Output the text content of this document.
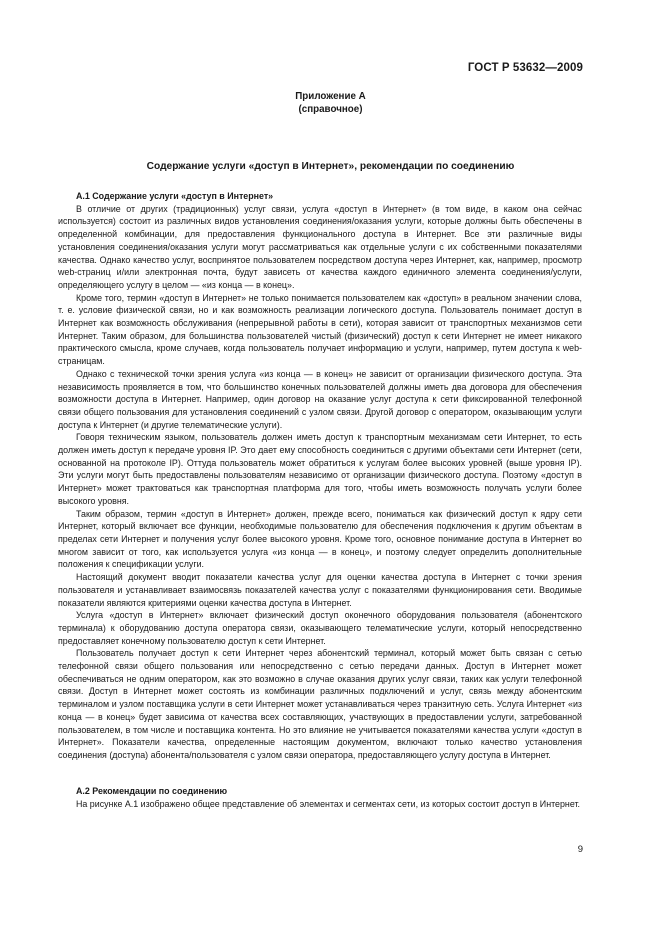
ГОСТ Р 53632—2009
Приложение А
(справочное)
Содержание услуги «доступ в Интернет», рекомендации по соединению
А.1 Содержание услуги «доступ в Интернет»

В отличие от других (традиционных) услуг связи, услуга «доступ в Интернет» (в том виде, в каком она сейчас используется) состоит из различных видов установления соединения/оказания услуги, которые должны быть обеспечены в определенной комбинации, для предоставления функционального доступа в Интернет. Все эти различные виды установления соединения/оказания услуги могут рассматриваться как отдельные услуги с их собственными показателями качества. Однако качество услуг, воспринятое пользователем посредством доступа через Интернет, как, например, просмотр web-страниц и/или электронная почта, будут зависеть от качества каждого единичного элемента соединения/услуги, определяющего услугу в целом — «из конца — в конец».

Кроме того, термин «доступ в Интернет» не только понимается пользователем как «доступ» в реальном значении слова, т. е. условие физической связи, но и как возможность реализации логического доступа. Пользователь понимает доступ в Интернет как возможность обслуживания (непрерывной работы в сети), которая зависит от транспортных механизмов сети Интернет. Таким образом, для большинства пользователей чистый (физический) доступ к сети Интернет не имеет никакого практического смысла, кроме случаев, когда пользователь получает информацию и услуги, например, путем доступа к web-страницам.

Однако с технической точки зрения услуга «из конца — в конец» не зависит от организации физического доступа. Эта независимость проявляется в том, что большинство конечных пользователей должны иметь два договора для обеспечения возможности доступа в Интернет. Например, один договор на оказание услуг доступа к сети фиксированной телефонной связи общего пользования для установления соединений с узлом связи. Другой договор с оператором, оказывающим услуги доступа к Интернет (и другие телематические услуги).

Говоря техническим языком, пользователь должен иметь доступ к транспортным механизмам сети Интернет, то есть должен иметь доступ к передаче уровня IP. Это дает ему способность соединиться с другими объектами сети Интернет (сети, основанной на протоколе IP). Оттуда пользователь может обратиться к услугам более высоких уровней (выше уровня IP). Эти услуги могут быть предоставлены пользователям независимо от организации физического доступа. Поэтому «доступ в Интернет» может трактоваться как транспортная платформа для того, чтобы иметь возможность получать услуги более высокого уровня.

Таким образом, термин «доступ в Интернет» должен, прежде всего, пониматься как физический доступ к ядру сети Интернет, который включает все функции, необходимые пользователю для обеспечения подключения к другим объектам в пределах сети Интернет и получения услуг более высокого уровня. Кроме того, основное понимание доступа в Интернет во многом зависит от того, как используется услуга «из конца — в конец», и поэтому следует определить дополнительные положения к спецификации услуги.

Настоящий документ вводит показатели качества услуг для оценки качества доступа в Интернет с точки зрения пользователя и устанавливает взаимосвязь показателей качества услуг с показателями функционирования сети. Вводимые показатели являются критериями оценки качества доступа в Интернет.

Услуга «доступ в Интернет» включает физический доступ оконечного оборудования пользователя (абонентского терминала) к оборудованию доступа оператора связи, оказывающего телематические услуги, который непосредственно предоставляет конечному пользователю доступ к сети Интернет.

Пользователь получает доступ к сети Интернет через абонентский терминал, который может быть связан с сетью телефонной связи общего пользования или непосредственно с сетью передачи данных. Доступ в Интернет может обеспечиваться не одним оператором, как это возможно в случае оказания других услуг связи, таких как услуги телефонной связи. Доступ в Интернет может состоять из комбинации различных подключений и услуг, связь между абонентским терминалом и узлом поставщика услуги в сети Интернет может устанавливаться через транзитную сеть. Услуга Интернет «из конца — в конец» будет зависима от качества всех составляющих, участвующих в предоставлении услуги, затребованной пользователем, в том числе и поставщика контента. Но это влияние не учитывается показателями качества услуги «доступ в Интернет». Показатели качества, определенные настоящим документом, включают только качество установления соединения (доступа) абонента/пользователя с узлом связи оператора, предоставляющего услугу доступа в Интернет.

А.2 Рекомендации по соединению

На рисунке А.1 изображено общее представление об элементах и сегментах сети, из которых состоит доступ в Интернет.

9
